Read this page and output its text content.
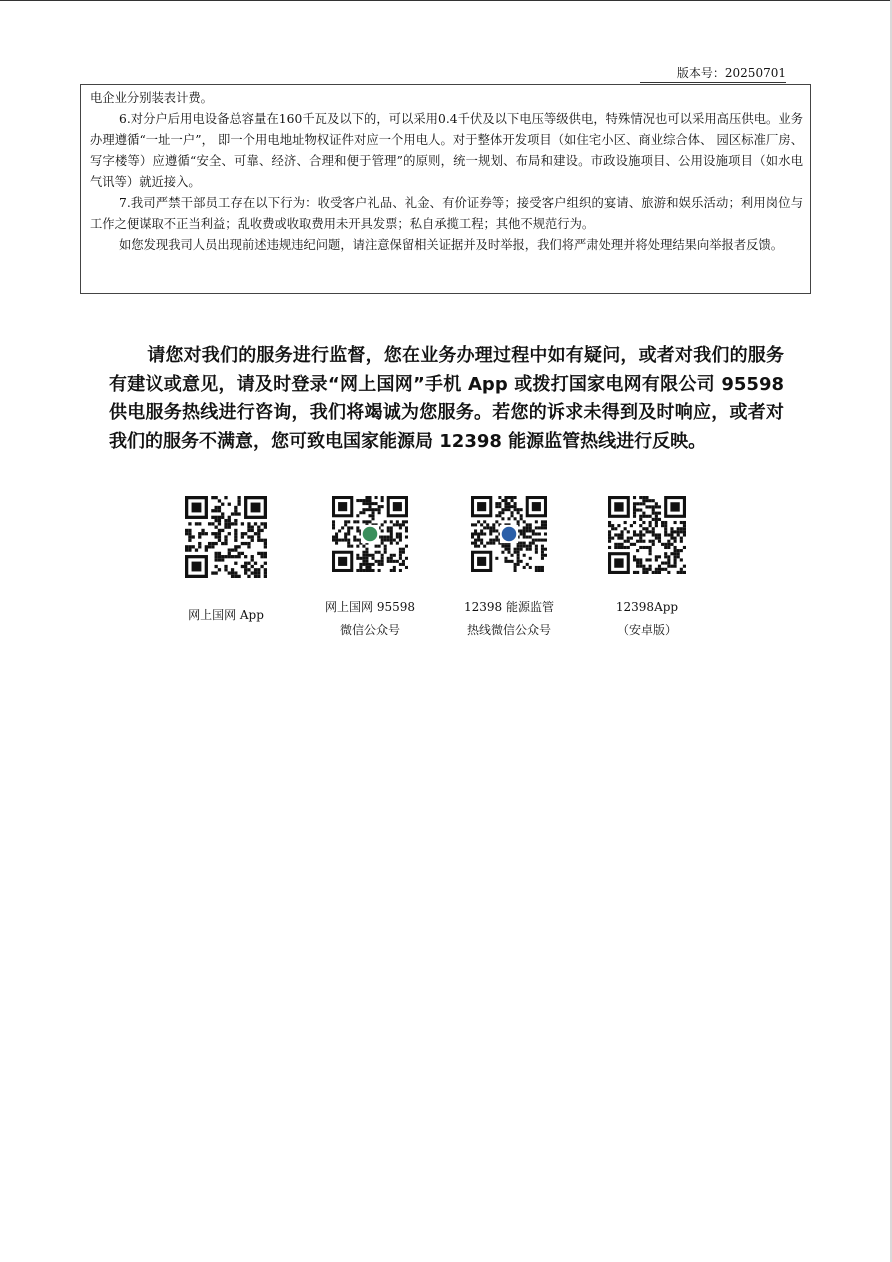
版本号：20250701

电企业分别装表计费。

6.对分户后用电设备总容量在160千瓦及以下的，可以采用0.4千伏及以下电压等级供电，特殊情况也可以采用高压供电。业务办理遵循“一址一户”， 即一个用电地址物权证件对应一个用电人。对于整体开发项目（如住宅小区、商业综合体、 园区标准厂房、写字楼等）应遵循“安全、可靠、经济、合理和便于管理”的原则，统一规划、布局和建设。市政设施项目、公用设施项目（如水电气讯等）就近接入。

7.我司严禁干部员工存在以下行为：收受客户礼品、礼金、有价证券等；接受客户组织的宴请、旅游和娱乐活动；利用岗位与工作之便谋取不正当利益；乱收费或收取费用未开具发票；私自承揽工程；其他不规范行为。

如您发现我司人员出现前述违规违纪问题，请注意保留相关证据并及时举报，我们将严肃处理并将处理结果向举报者反馈。

请您对我们的服务进行监督，您在业务办理过程中如有疑问，或者对我们的服务有建议或意见，请及时登录“网上国网”手机 App 或拨打国家电网有限公司 95598 供电服务热线进行咨询，我们将竭诚为您服务。若您的诉求未得到及时响应，或者对我们的服务不满意，您可致电国家能源局 12398 能源监管热线进行反映。

网上国网 App
网上国网 95598
微信公众号
12398 能源监管
热线微信公众号
12398App
（安卓版）
